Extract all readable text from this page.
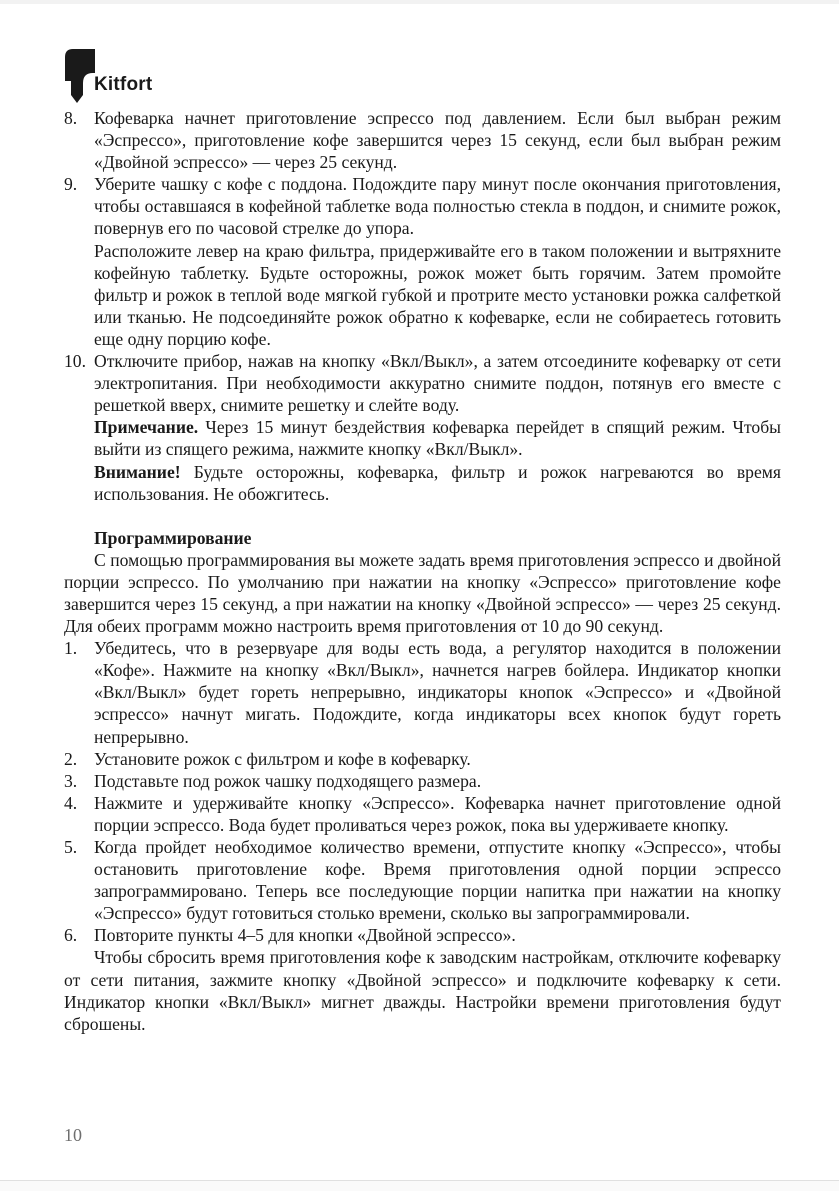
Kitfort
8. Кофеварка начнет приготовление эспрессо под давлением. Если был выбран режим «Эспрессо», приготовление кофе завершится через 15 секунд, если был выбран режим «Двойной эспрессо» — через 25 секунд.

9. Уберите чашку с кофе с поддона. Подождите пару минут после окончания приготовления, чтобы оставшаяся в кофейной таблетке вода полностью стекла в поддон, и снимите рожок, повернув его по часовой стрелке до упора.

Расположите левер на краю фильтра, придерживайте его в таком положении и вытряхните кофейную таблетку. Будьте осторожны, рожок может быть горячим. Затем промойте фильтр и рожок в теплой воде мягкой губкой и протрите место установки рожка салфеткой или тканью. Не подсоединяйте рожок обратно к кофеварке, если не собираетесь готовить еще одну порцию кофе.

10. Отключите прибор, нажав на кнопку «Вкл/Выкл», а затем отсоедините кофеварку от сети электропитания. При необходимости аккуратно снимите поддон, потянув его вместе с решеткой вверх, снимите решетку и слейте воду.

Примечание. Через 15 минут бездействия кофеварка перейдет в спящий режим. Чтобы выйти из спящего режима, нажмите кнопку «Вкл/Выкл».

Внимание! Будьте осторожны, кофеварка, фильтр и рожок нагреваются во время использования. Не обожгитесь.

Программирование

С помощью программирования вы можете задать время приготовления эспрессо и двойной порции эспрессо. По умолчанию при нажатии на кнопку «Эспрессо» приготовление кофе завершится через 15 секунд, а при нажатии на кнопку «Двойной эспрессо» — через 25 секунд. Для обеих программ можно настроить время приготовления от 10 до 90 секунд.

1. Убедитесь, что в резервуаре для воды есть вода, а регулятор находится в положении «Кофе». Нажмите на кнопку «Вкл/Выкл», начнется нагрев бойлера. Индикатор кнопки «Вкл/Выкл» будет гореть непрерывно, индикаторы кнопок «Эспрессо» и «Двойной эспрессо» начнут мигать. Подождите, когда индикаторы всех кнопок будут гореть непрерывно.

2. Установите рожок с фильтром и кофе в кофеварку.

3. Подставьте под рожок чашку подходящего размера.

4. Нажмите и удерживайте кнопку «Эспрессо». Кофеварка начнет приготовление одной порции эспрессо. Вода будет проливаться через рожок, пока вы удерживаете кнопку.

5. Когда пройдет необходимое количество времени, отпустите кнопку «Эспрессо», чтобы остановить приготовление кофе. Время приготовления одной порции эспрессо запрограммировано. Теперь все последующие порции напитка при нажатии на кнопку «Эспрессо» будут готовиться столько времени, сколько вы запрограммировали.

6. Повторите пункты 4–5 для кнопки «Двойной эспрессо».

Чтобы сбросить время приготовления кофе к заводским настройкам, отключите кофеварку от сети питания, зажмите кнопку «Двойной эспрессо» и подключите кофеварку к сети. Индикатор кнопки «Вкл/Выкл» мигнет дважды. Настройки времени приготовления будут сброшены.

10
